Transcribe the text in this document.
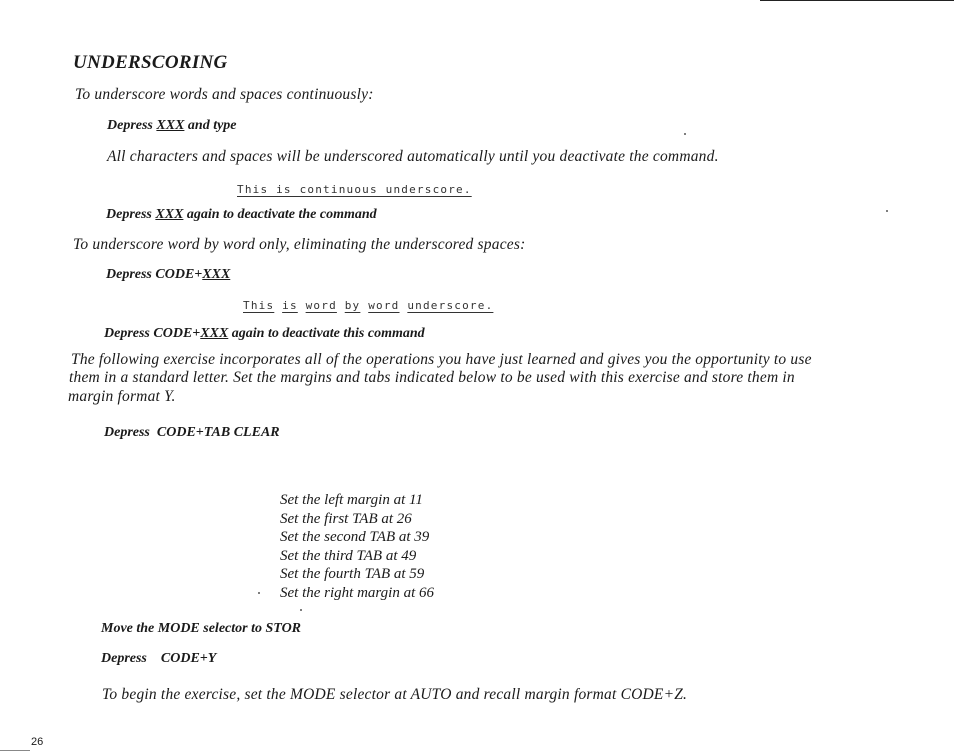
UNDERSCORING
To underscore words and spaces continuously:
Depress XXX and type
All characters and spaces will be underscored automatically until you deactivate the command.
This is continuous underscore.
Depress XXX again to deactivate the command
To underscore word by word only, eliminating the underscored spaces:
Depress CODE+XXX
This is word by word underscore.
Depress CODE+XXX again to deactivate this command
The following exercise incorporates all of the operations you have just learned and gives you the opportunity to use
them in a standard letter. Set the margins and tabs indicated below to be used with this exercise and store them in
margin format Y.
Depress  CODE+TAB CLEAR
Set the left margin at 11
Set the first TAB at 26
Set the second TAB at 39
Set the third TAB at 49
Set the fourth TAB at 59
Set the right margin at 66
Move the MODE selector to STOR
Depress    CODE+Y
To begin the exercise, set the MODE selector at AUTO and recall margin format CODE+Z.
26
